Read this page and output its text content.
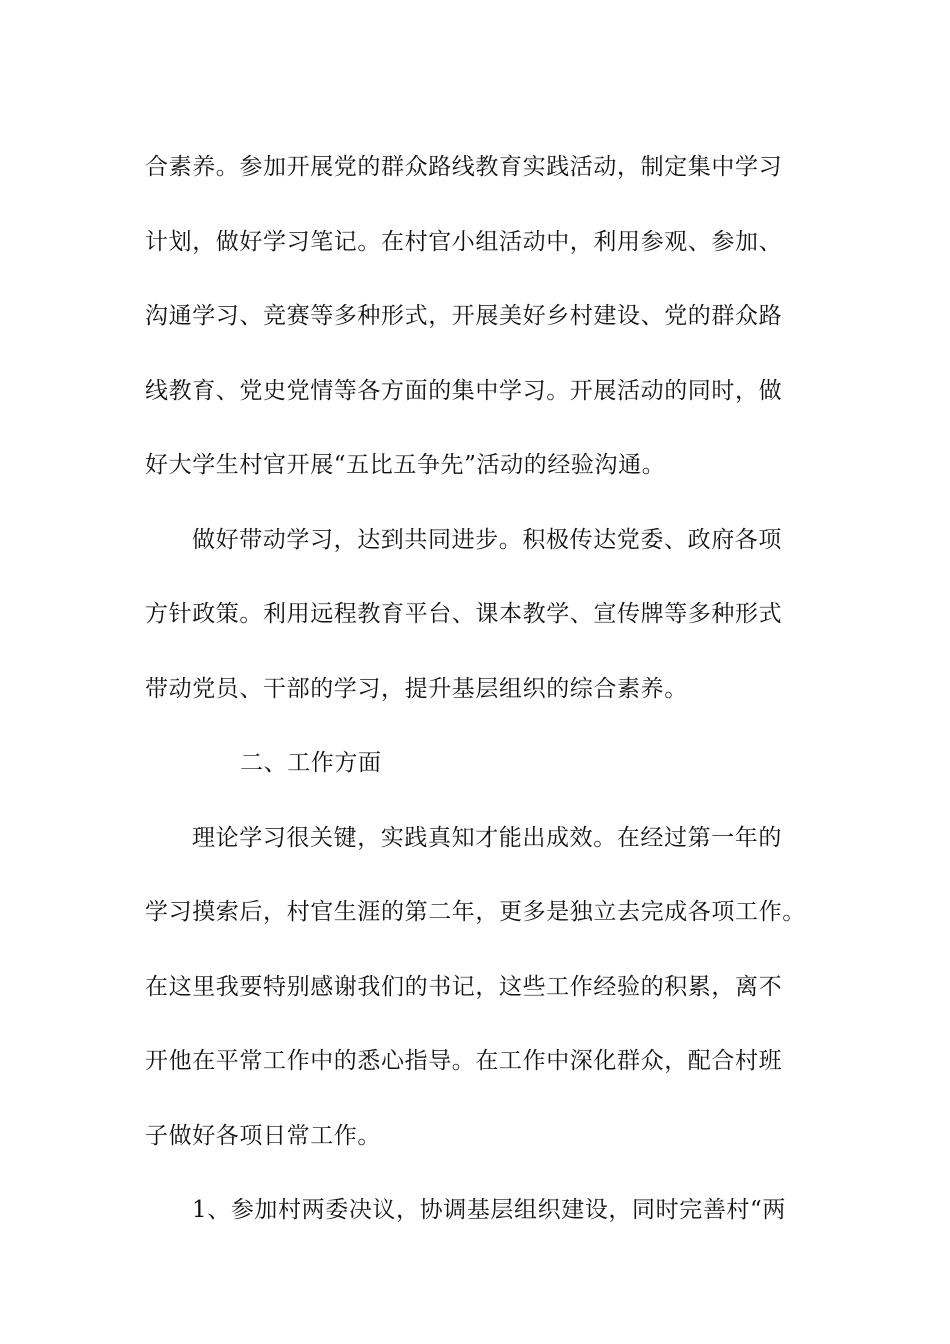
合素养。参加开展党的群众路线教育实践活动，制定集中学习
计划，做好学习笔记。在村官小组活动中，利用参观、参加、
沟通学习、竞赛等多种形式，开展美好乡村建设、党的群众路
线教育、党史党情等各方面的集中学习。开展活动的同时，做
好大学生村官开展“五比五争先”活动的经验沟通。
做好带动学习，达到共同进步。积极传达党委、政府各项
方针政策。利用远程教育平台、课本教学、宣传牌等多种形式
带动党员、干部的学习，提升基层组织的综合素养。
二、工作方面
理论学习很关键，实践真知才能出成效。在经过第一年的
学习摸索后，村官生涯的第二年，更多是独立去完成各项工作。
在这里我要特别感谢我们的书记，这些工作经验的积累，离不
开他在平常工作中的悉心指导。在工作中深化群众，配合村班
子做好各项日常工作。
1、参加村两委决议，协调基层组织建设，同时完善村“两
